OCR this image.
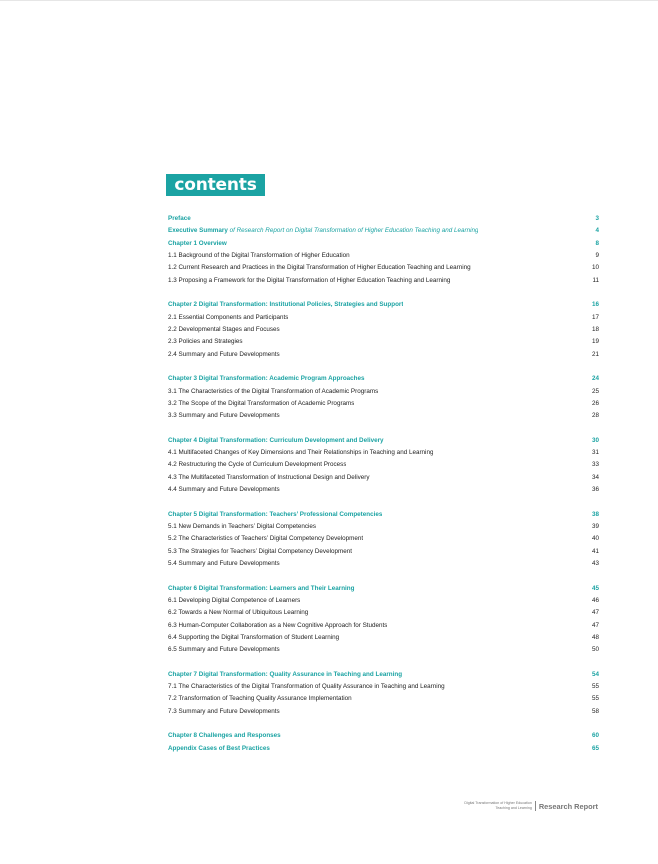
contents
Preface	3
Executive Summary of Research Report on Digital Transformation of Higher Education Teaching and Learning	4
Chapter 1 Overview	8
1.1 Background of the Digital Transformation of Higher Education	9
1.2 Current Research and Practices in the Digital Transformation of Higher Education Teaching and Learning	10
1.3 Proposing a Framework for the Digital Transformation of Higher Education Teaching and Learning	11
Chapter 2 Digital Transformation: Institutional Policies, Strategies and Support	16
2.1 Essential Components and Participants	17
2.2 Developmental Stages and Focuses	18
2.3 Policies and Strategies	19
2.4 Summary and Future Developments	21
Chapter 3 Digital Transformation: Academic Program Approaches	24
3.1 The Characteristics of the Digital Transformation of Academic Programs	25
3.2 The Scope of the Digital Transformation of Academic Programs	26
3.3 Summary and Future Developments	28
Chapter 4 Digital Transformation: Curriculum Development and Delivery	30
4.1 Multifaceted Changes of Key Dimensions and Their Relationships in Teaching and Learning	31
4.2 Restructuring the Cycle of Curriculum Development Process	33
4.3 The Multifaceted Transformation of Instructional Design and Delivery	34
4.4 Summary and Future Developments	36
Chapter 5 Digital Transformation: Teachers’ Professional Competencies	38
5.1 New Demands in Teachers’ Digital Competencies	39
5.2 The Characteristics of Teachers’ Digital Competency Development	40
5.3 The Strategies for Teachers’ Digital Competency Development	41
5.4 Summary and Future Developments	43
Chapter 6 Digital Transformation: Learners and Their Learning	45
6.1 Developing Digital Competence of Learners	46
6.2 Towards a New Normal of Ubiquitous Learning	47
6.3 Human-Computer Collaboration as a New Cognitive Approach for Students	47
6.4 Supporting the Digital Transformation of Student Learning	48
6.5 Summary and Future Developments	50
Chapter 7 Digital Transformation: Quality Assurance in Teaching and Learning	54
7.1 The Characteristics of the Digital Transformation of Quality Assurance in Teaching and Learning	55
7.2 Transformation of Teaching Quality Assurance Implementation	55
7.3 Summary and Future Developments	58
Chapter 8 Challenges and Responses	60
Appendix Cases of Best Practices	65
Digital Transformation of Higher Education
Teaching and Learning Research Report
